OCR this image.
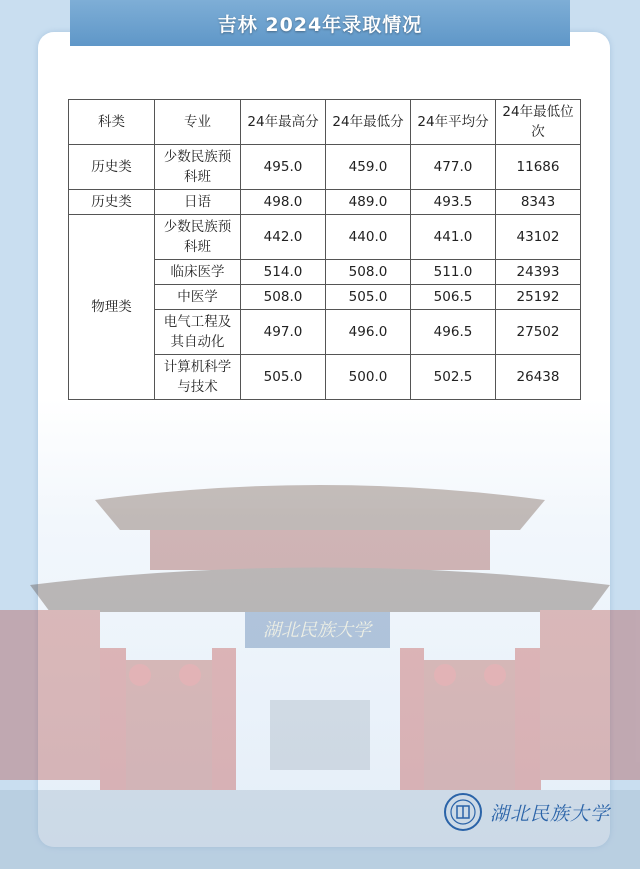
吉林 2024年录取情况
湖北民族大学
科类	专业	24年最高分	24年最低分	24年平均分	24年最低位次
历史类	少数民族预科班	495.0	459.0	477.0	11686
历史类	日语	498.0	489.0	493.5	8343
物理类	少数民族预科班	442.0	440.0	441.0	43102
	临床医学	514.0	508.0	511.0	24393
	中医学	508.0	505.0	506.5	25192
	电气工程及其自动化	497.0	496.0	496.5	27502
	计算机科学与技术	505.0	500.0	502.5	26438
湖北民族大学
